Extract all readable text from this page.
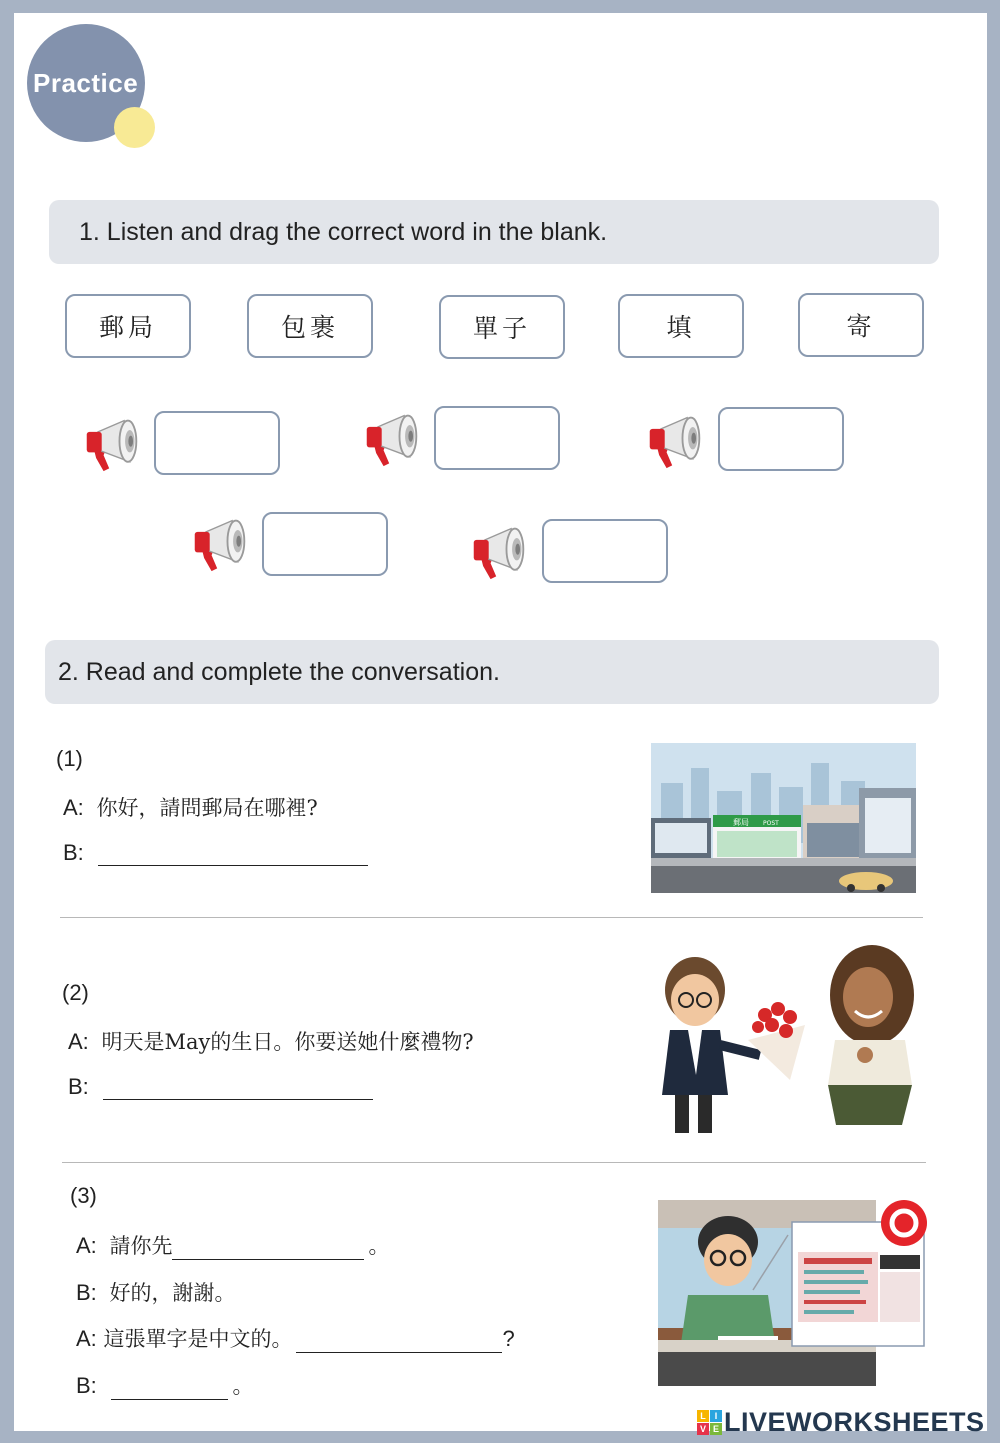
Practice
1. Listen and drag the correct word in the blank.
郵局	包裹	單子	填	寄
2. Read and complete the conversation.
(1)
A: 你好，請問郵局在哪裡?
B:
郵局 POST
(2)
A: 明天是May的生日。你要送她什麼禮物?
B:
(3)
A: 請你先	。
B: 好的，謝謝。
A: 這張單字是中文的。	?
B:	。
L I
V E LIVEWORKSHEETS
